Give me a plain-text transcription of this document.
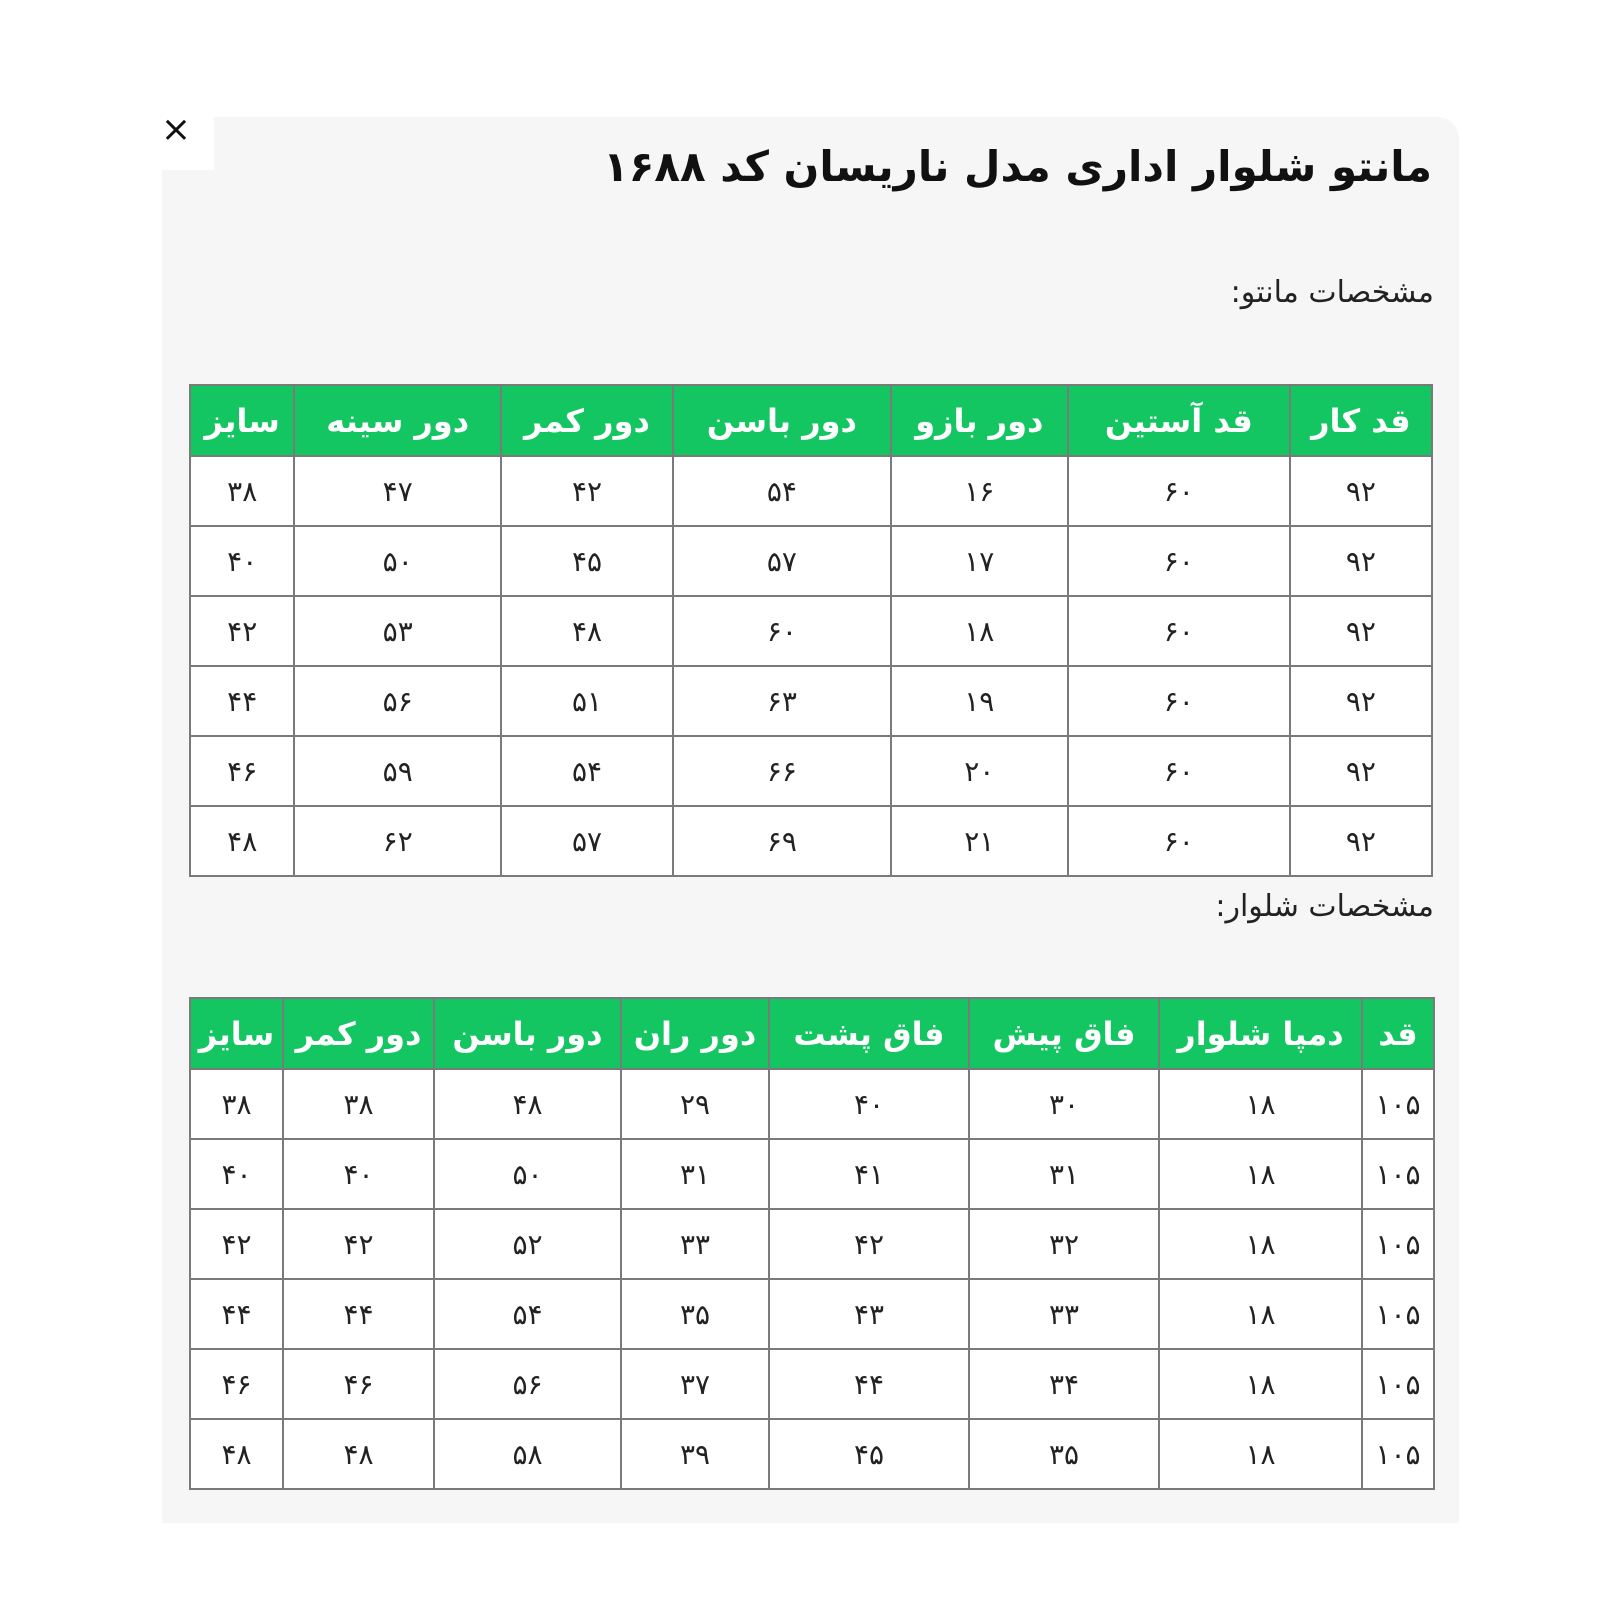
×
مانتو شلوار اداری مدل ناریسان کد ۱۶۸۸
مشخصات مانتو:
قد کار	قد آستین	دور بازو	دور باسن	دور کمر	دور سینه	سایز
۹۲	۶۰	۱۶	۵۴	۴۲	۴۷	۳۸
۹۲	۶۰	۱۷	۵۷	۴۵	۵۰	۴۰
۹۲	۶۰	۱۸	۶۰	۴۸	۵۳	۴۲
۹۲	۶۰	۱۹	۶۳	۵۱	۵۶	۴۴
۹۲	۶۰	۲۰	۶۶	۵۴	۵۹	۴۶
۹۲	۶۰	۲۱	۶۹	۵۷	۶۲	۴۸
مشخصات شلوار:
قد	دمپا شلوار	فاق پیش	فاق پشت	دور ران	دور باسن	دور کمر	سایز
۱۰۵	۱۸	۳۰	۴۰	۲۹	۴۸	۳۸	۳۸
۱۰۵	۱۸	۳۱	۴۱	۳۱	۵۰	۴۰	۴۰
۱۰۵	۱۸	۳۲	۴۲	۳۳	۵۲	۴۲	۴۲
۱۰۵	۱۸	۳۳	۴۳	۳۵	۵۴	۴۴	۴۴
۱۰۵	۱۸	۳۴	۴۴	۳۷	۵۶	۴۶	۴۶
۱۰۵	۱۸	۳۵	۴۵	۳۹	۵۸	۴۸	۴۸
